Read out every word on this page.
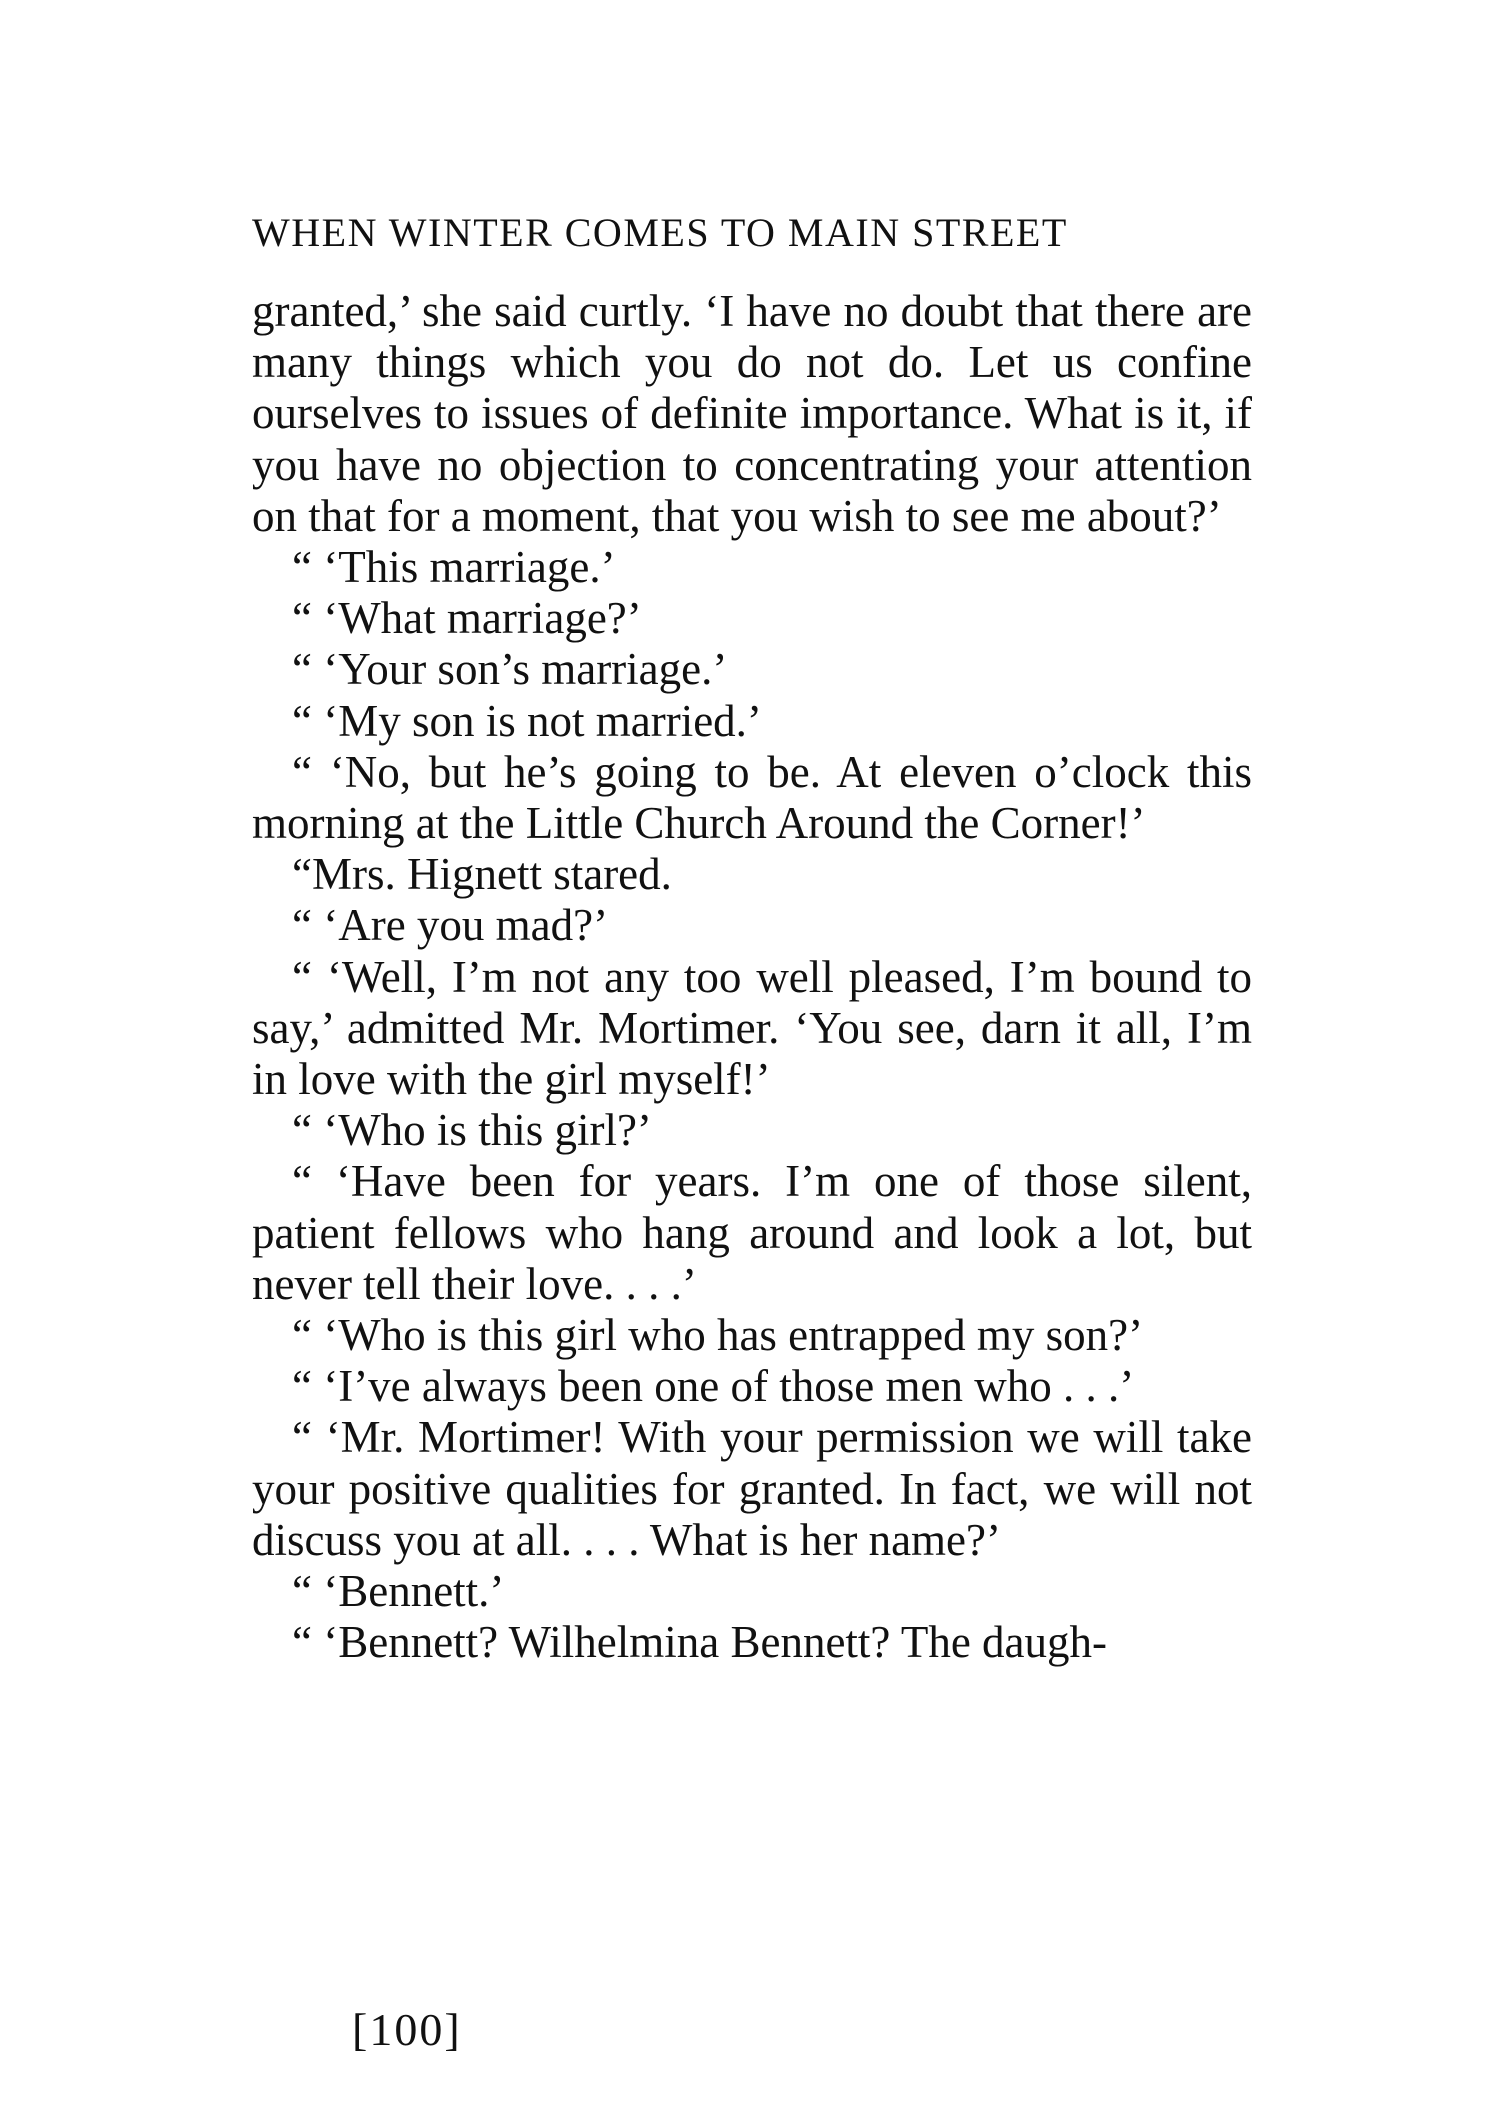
WHEN WINTER COMES TO MAIN STREET

granted,’ she said curtly. ‘I have no doubt that there are many things which you do not do. Let us confine ourselves to issues of definite importance. What is it, if you have no objection to concentrating your attention on that for a moment, that you wish to see me about?’

“ ‘This marriage.’

“ ‘What marriage?’

“ ‘Your son’s marriage.’

“ ‘My son is not married.’

“ ‘No, but he’s going to be. At eleven o’clock this morning at the Little Church Around the Corner!’

“Mrs. Hignett stared.

“ ‘Are you mad?’

“ ‘Well, I’m not any too well pleased, I’m bound to say,’ admitted Mr. Mortimer. ‘You see, darn it all, I’m in love with the girl myself!’

“ ‘Who is this girl?’

“ ‘Have been for years. I’m one of those silent, patient fellows who hang around and look a lot, but never tell their love. . . .’

“ ‘Who is this girl who has entrapped my son?’

“ ‘I’ve always been one of those men who . . .’

“ ‘Mr. Mortimer! With your permission we will take your positive qualities for granted. In fact, we will not discuss you at all. . . . What is her name?’

“ ‘Bennett.’

“ ‘Bennett? Wilhelmina Bennett? The daugh-

[100]
